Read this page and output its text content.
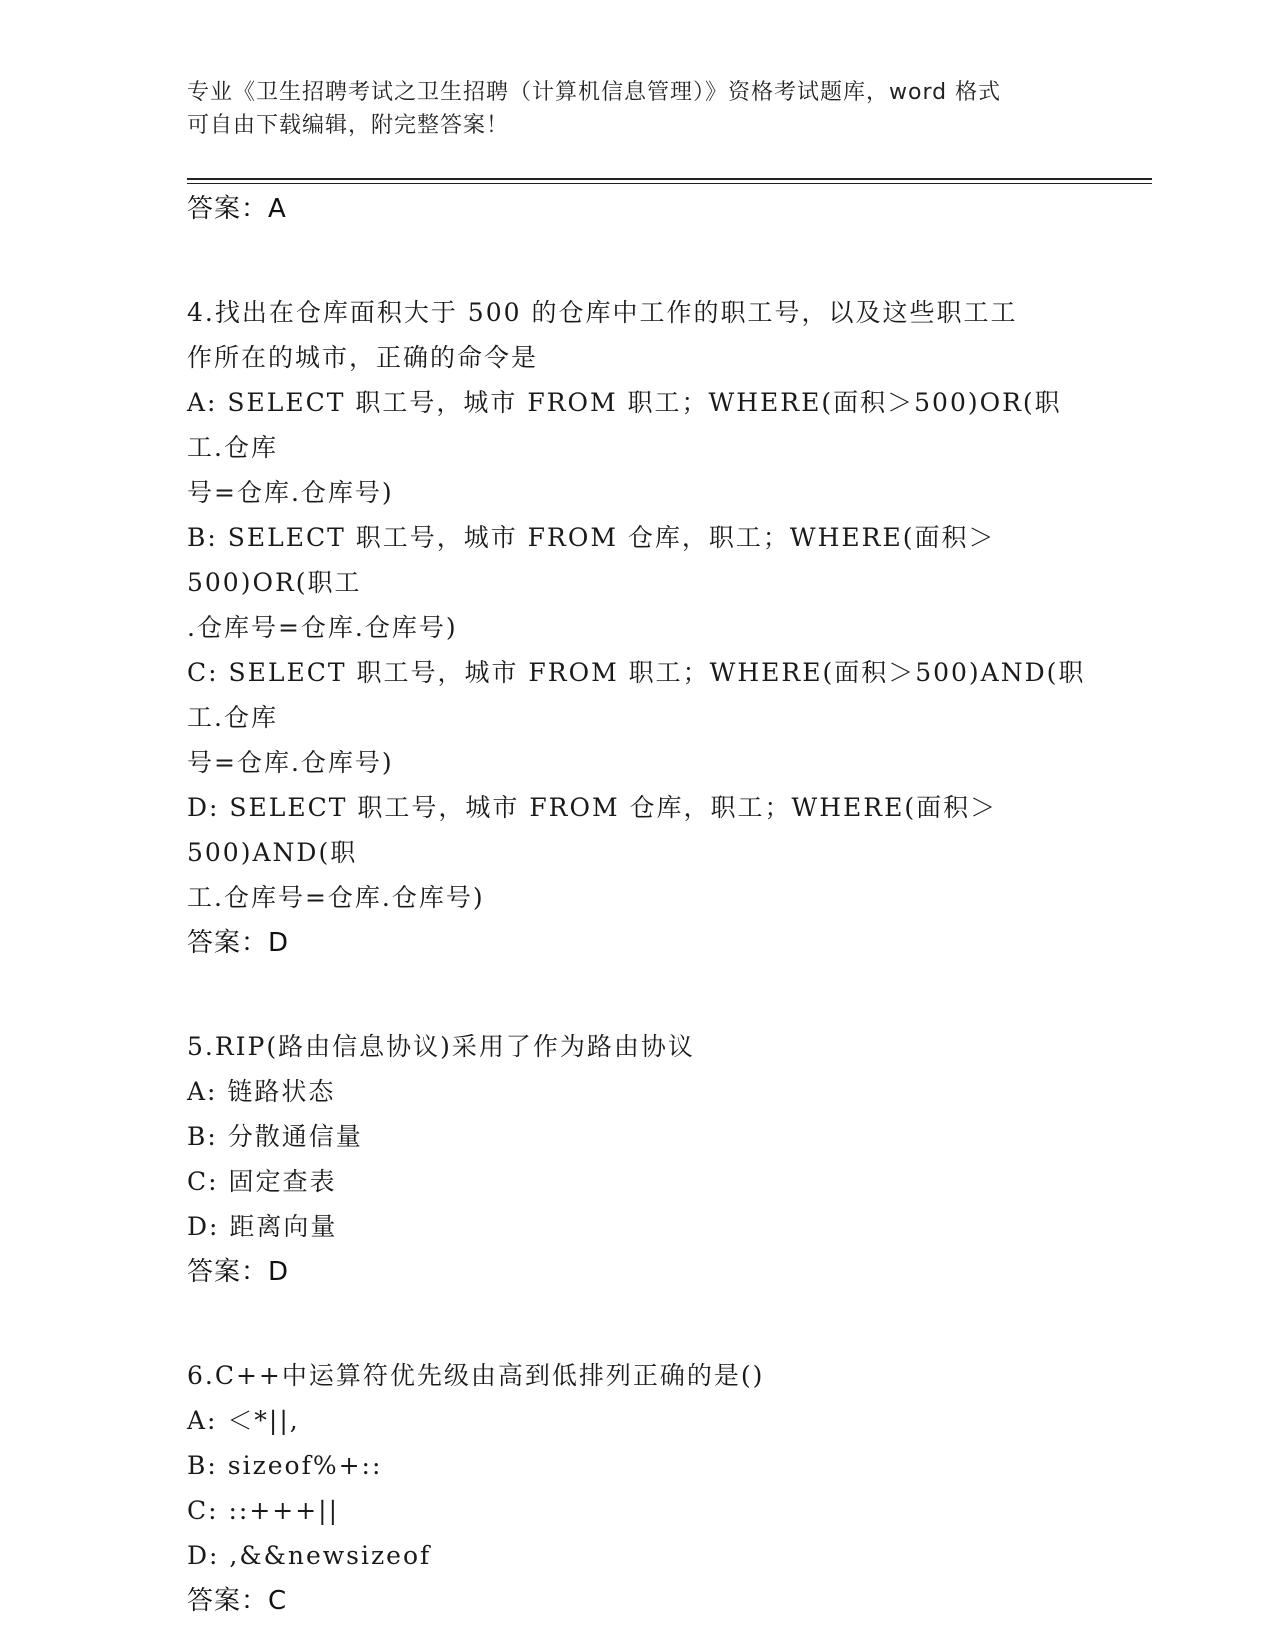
专业《卫生招聘考试之卫生招聘（计算机信息管理）》资格考试题库，word 格式
可自由下载编辑，附完整答案！
答案：A
4.找出在仓库面积大于 500 的仓库中工作的职工号，以及这些职工工
作所在的城市，正确的命令是
A: SELECT 职工号，城市 FROM 职工；WHERE(面积＞500)OR(职工.仓库
号=仓库.仓库号)
B: SELECT 职工号，城市 FROM 仓库，职工；WHERE(面积＞500)OR(职工
.仓库号=仓库.仓库号)
C: SELECT 职工号，城市 FROM 职工；WHERE(面积＞500)AND(职工.仓库
号=仓库.仓库号)
D: SELECT 职工号，城市 FROM 仓库，职工；WHERE(面积＞500)AND(职
工.仓库号=仓库.仓库号)
答案：D
5.RIP(路由信息协议)采用了作为路由协议
A: 链路状态
B: 分散通信量
C: 固定查表
D: 距离向量
答案：D
6.C++中运算符优先级由高到低排列正确的是()
A: ＜*||,
B: sizeof%+::
C: ::+++||
D: ,&&newsizeof
答案：C
